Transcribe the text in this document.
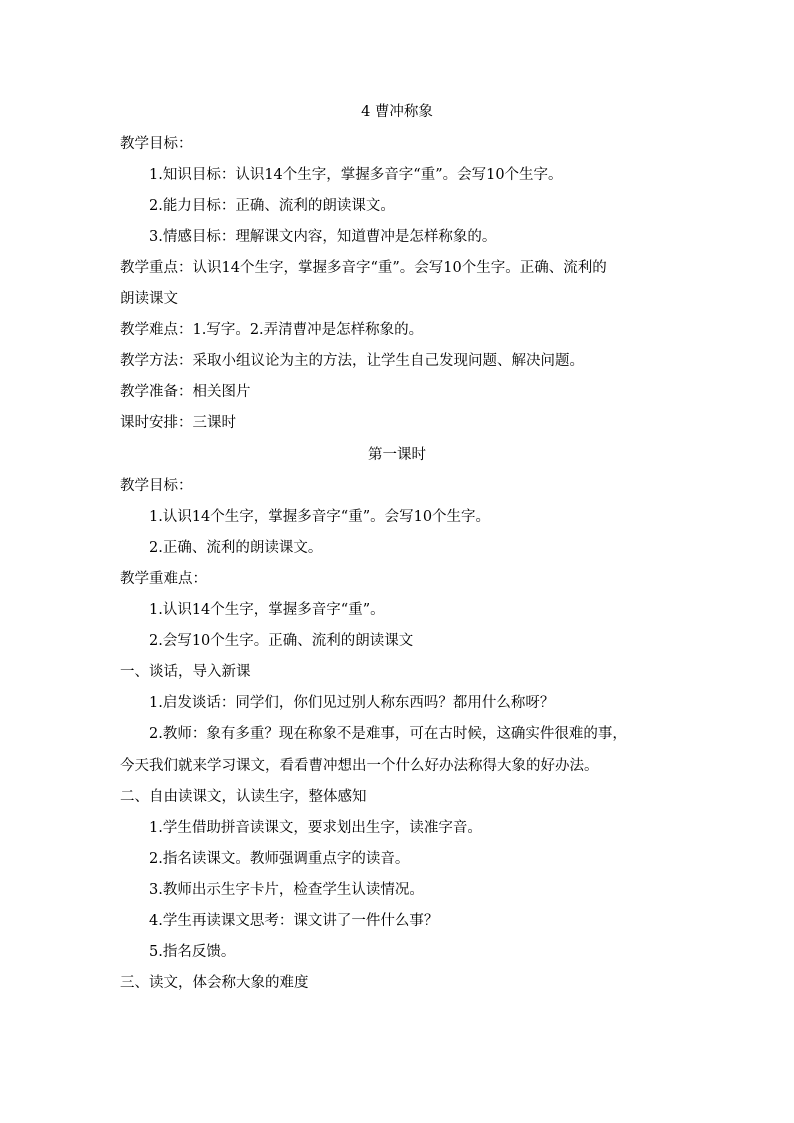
4 曹冲称象
教学目标：
1.知识目标：认识14个生字，掌握多音字“重”。会写10个生字。
2.能力目标：正确、流利的朗读课文。
3.情感目标：理解课文内容，知道曹冲是怎样称象的。
教学重点：认识14个生字，掌握多音字“重”。会写10个生字。正确、流利的
朗读课文
教学难点：1.写字。2.弄清曹冲是怎样称象的。
教学方法：采取小组议论为主的方法，让学生自己发现问题、解决问题。
教学准备：相关图片
课时安排：三课时
第一课时
教学目标：
1.认识14个生字，掌握多音字“重”。会写10个生字。
2.正确、流利的朗读课文。
教学重难点：
1.认识14个生字，掌握多音字“重”。
2.会写10个生字。正确、流利的朗读课文
一、谈话，导入新课
1.启发谈话：同学们，你们见过别人称东西吗？都用什么称呀？
2.教师：象有多重？现在称象不是难事，可在古时候，这确实件很难的事，
今天我们就来学习课文，看看曹冲想出一个什么好办法称得大象的好办法。
二、自由读课文，认读生字，整体感知
1.学生借助拼音读课文，要求划出生字，读准字音。
2.指名读课文。教师强调重点字的读音。
3.教师出示生字卡片，检查学生认读情况。
4.学生再读课文思考：课文讲了一件什么事？
5.指名反馈。
三、读文，体会称大象的难度
